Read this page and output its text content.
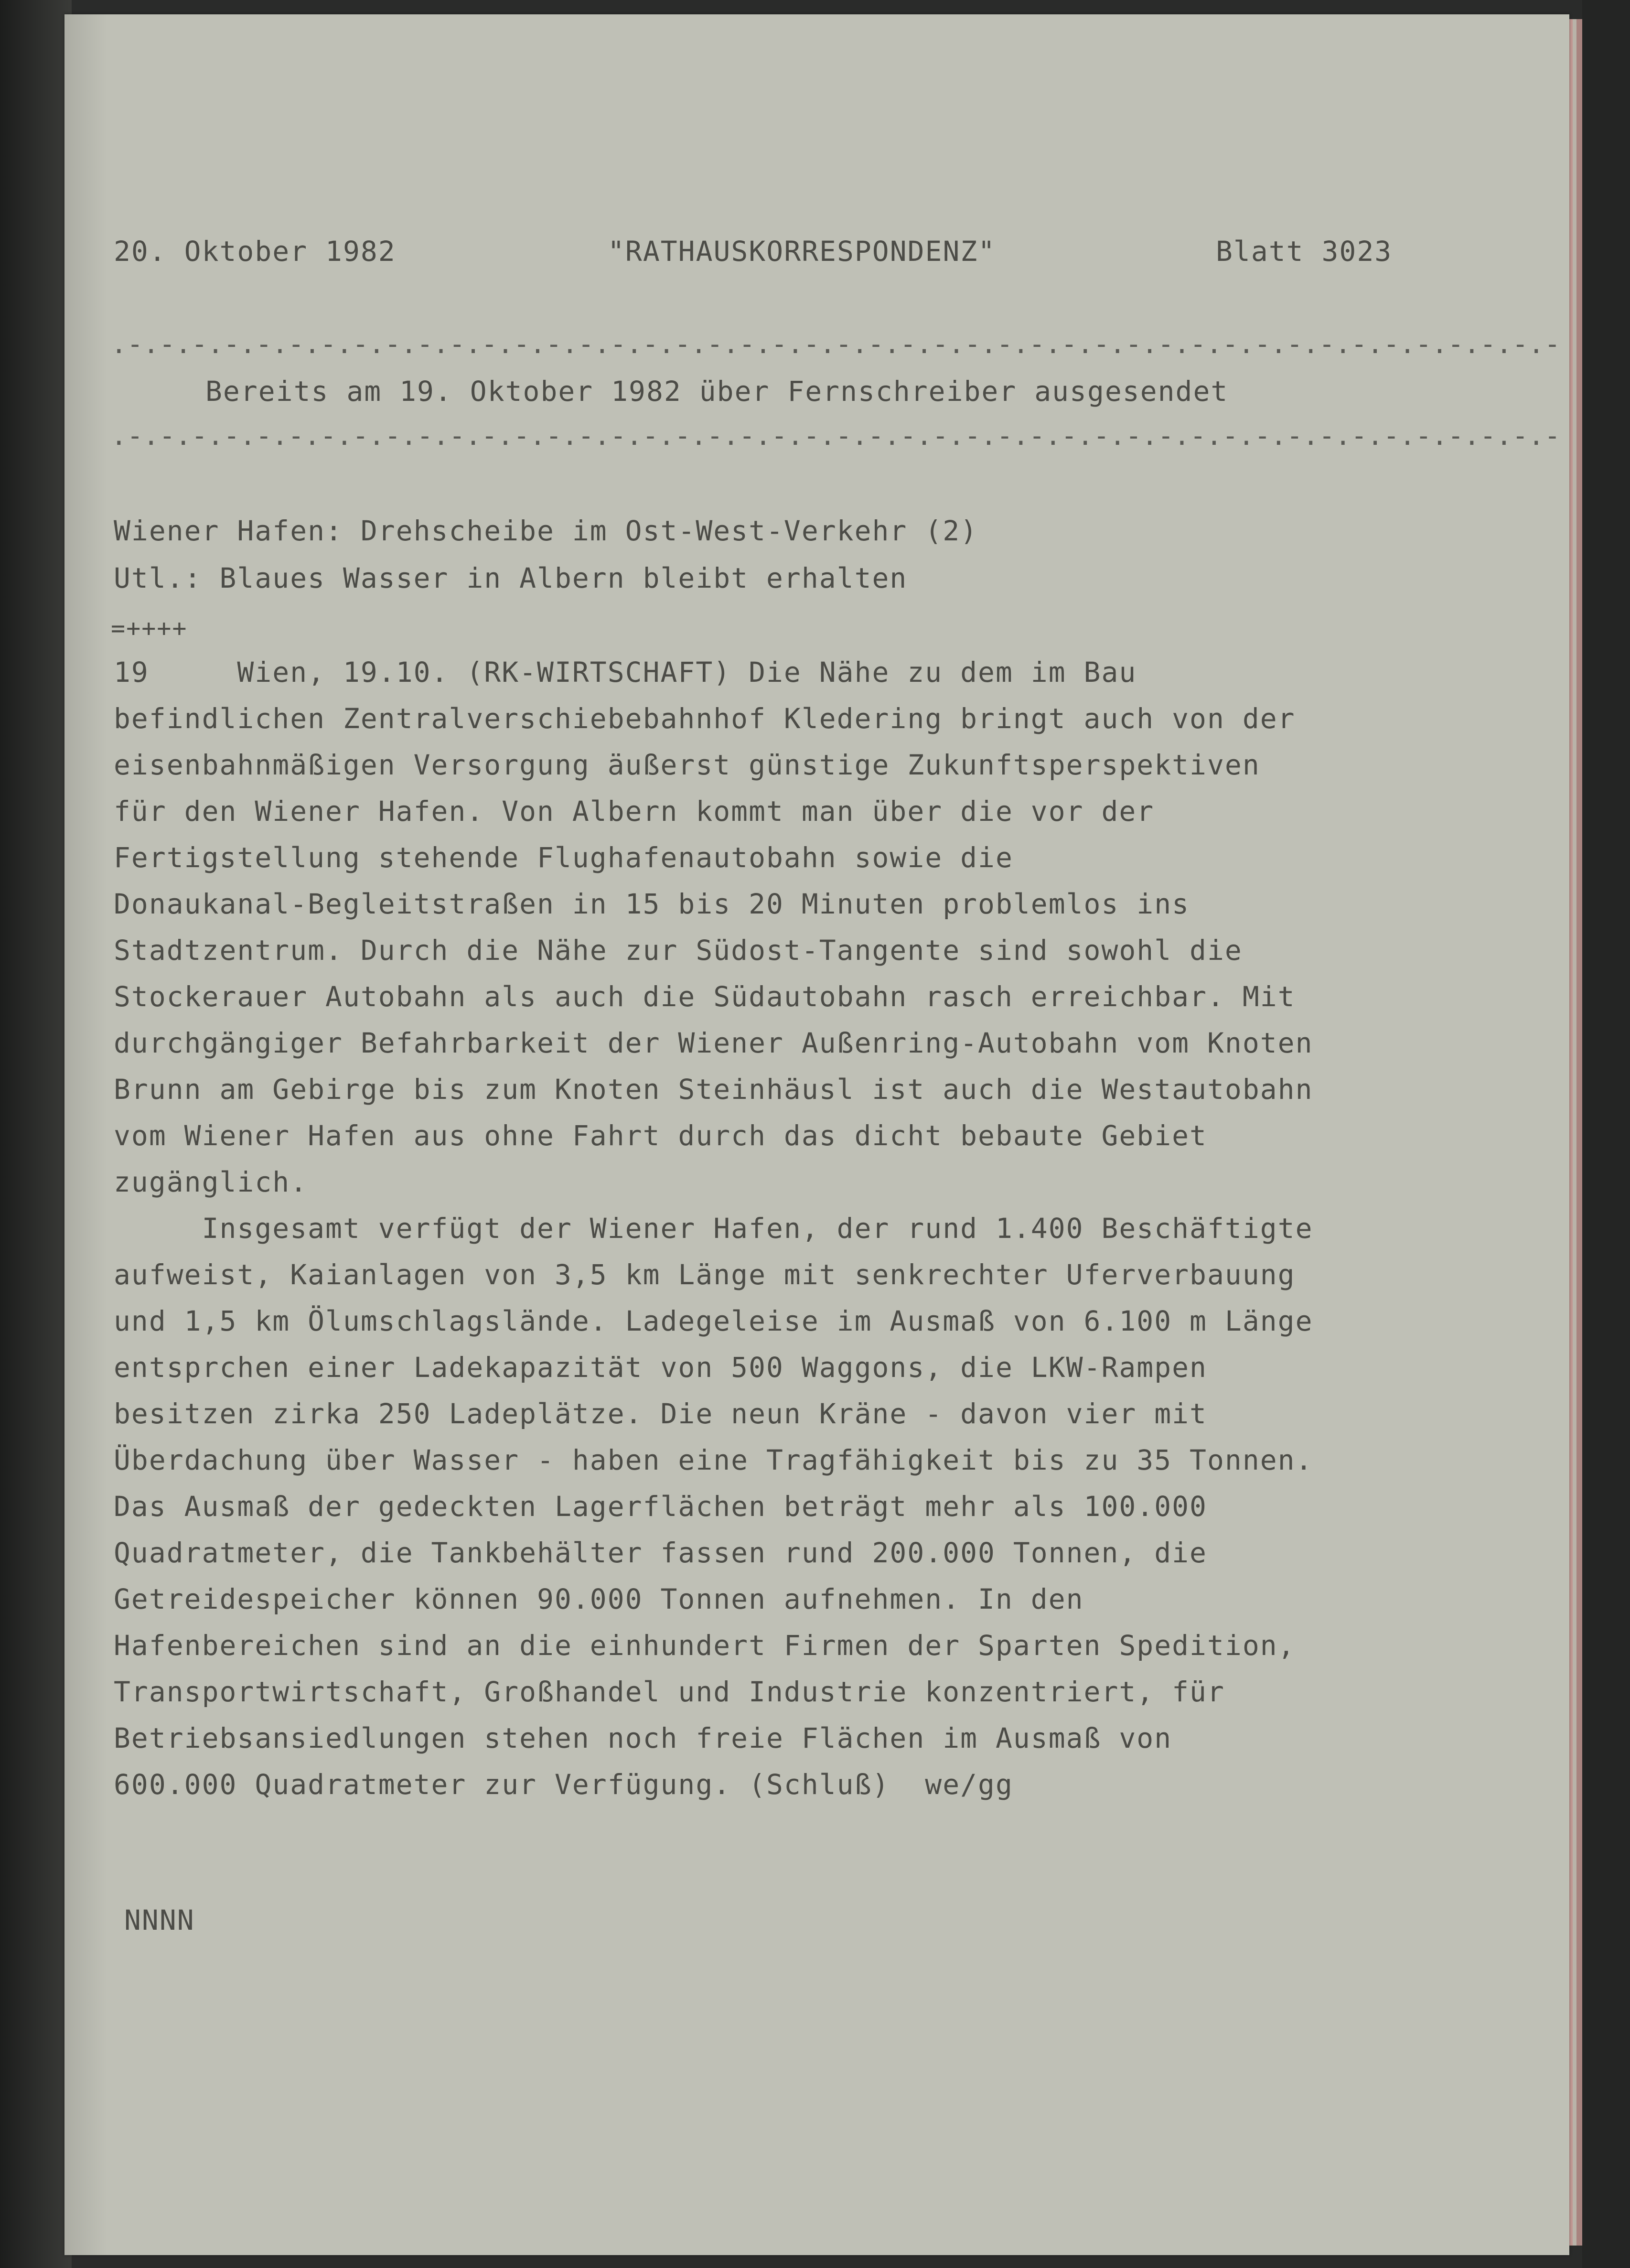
20. Oktober 1982	"RATHAUSKORRESPONDENZ"	Blatt 3023
.-.-.-.-.-.-.-.-.-.-.-.-.-.-.-.-.-.-.-.-.-.-.-.-.-.-.-.-.-.-.-.-.-.-.-.-.-.-.-.-.-.-.-.-.-
Bereits am 19. Oktober 1982 über Fernschreiber ausgesendet
.-.-.-.-.-.-.-.-.-.-.-.-.-.-.-.-.-.-.-.-.-.-.-.-.-.-.-.-.-.-.-.-.-.-.-.-.-.-.-.-.-.-.-.-.-
Wiener Hafen: Drehscheibe im Ost-West-Verkehr (2)
Utl.: Blaues Wasser in Albern bleibt erhalten
=++++
19     Wien, 19.10. (RK-WIRTSCHAFT) Die Nähe zu dem im Bau
befindlichen Zentralverschiebebahnhof Kledering bringt auch von der
eisenbahnmäßigen Versorgung äußerst günstige Zukunftsperspektiven
für den Wiener Hafen. Von Albern kommt man über die vor der
Fertigstellung stehende Flughafenautobahn sowie die
Donaukanal-Begleitstraßen in 15 bis 20 Minuten problemlos ins
Stadtzentrum. Durch die Nähe zur Südost-Tangente sind sowohl die
Stockerauer Autobahn als auch die Südautobahn rasch erreichbar. Mit
durchgängiger Befahrbarkeit der Wiener Außenring-Autobahn vom Knoten
Brunn am Gebirge bis zum Knoten Steinhäusl ist auch die Westautobahn
vom Wiener Hafen aus ohne Fahrt durch das dicht bebaute Gebiet
zugänglich.
Insgesamt verfügt der Wiener Hafen, der rund 1.400 Beschäftigte
aufweist, Kaianlagen von 3,5 km Länge mit senkrechter Uferverbauung
und 1,5 km Ölumschlagslände. Ladegeleise im Ausmaß von 6.100 m Länge
entsprchen einer Ladekapazität von 500 Waggons, die LKW-Rampen
besitzen zirka 250 Ladeplätze. Die neun Kräne - davon vier mit
Überdachung über Wasser - haben eine Tragfähigkeit bis zu 35 Tonnen.
Das Ausmaß der gedeckten Lagerflächen beträgt mehr als 100.000
Quadratmeter, die Tankbehälter fassen rund 200.000 Tonnen, die
Getreidespeicher können 90.000 Tonnen aufnehmen. In den
Hafenbereichen sind an die einhundert Firmen der Sparten Spedition,
Transportwirtschaft, Großhandel und Industrie konzentriert, für
Betriebsansiedlungen stehen noch freie Flächen im Ausmaß von
600.000 Quadratmeter zur Verfügung. (Schluß)  we/gg
NNNN
